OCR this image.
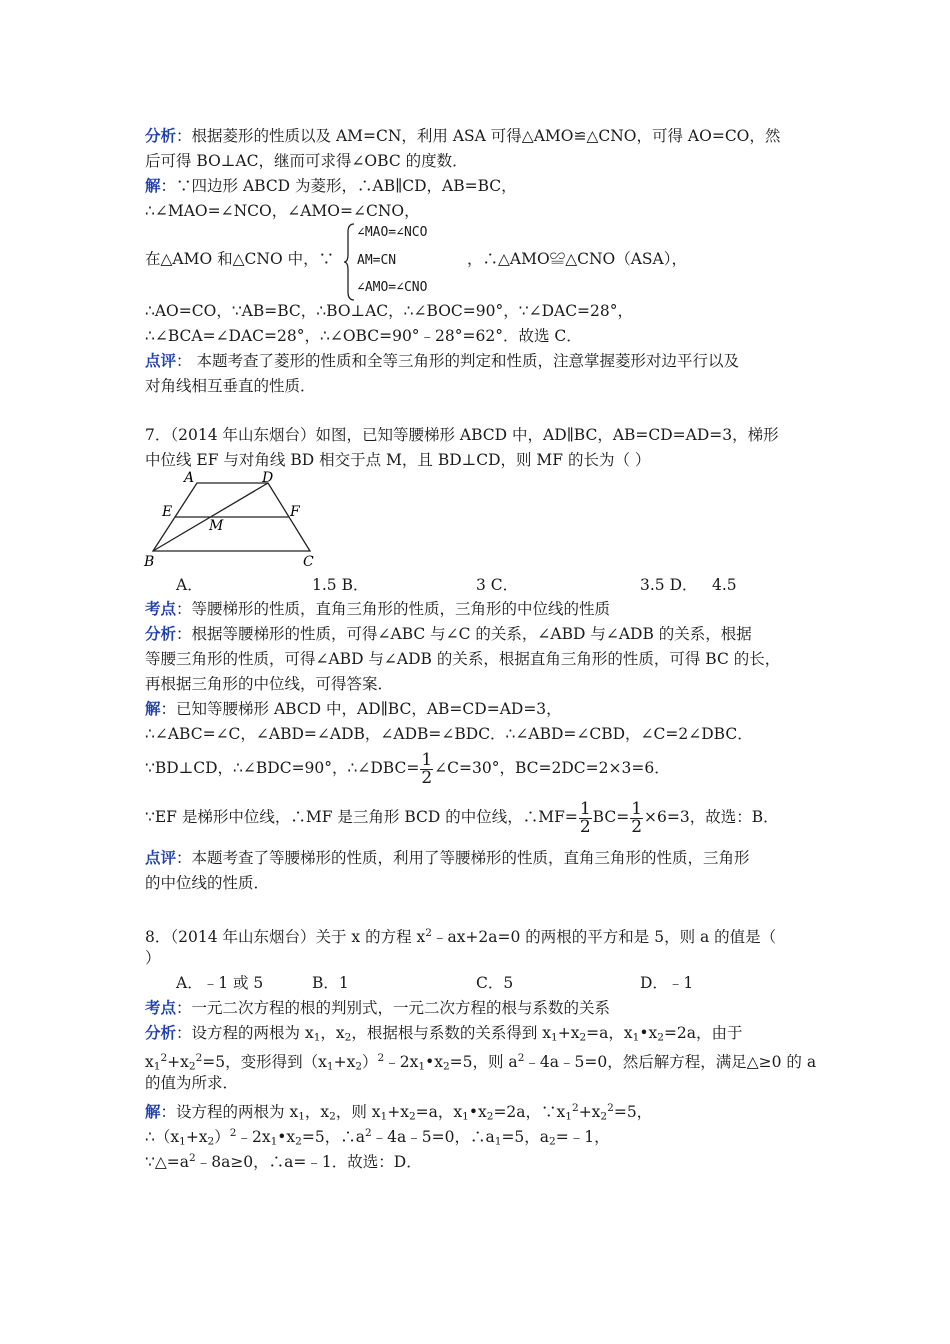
分析：根据菱形的性质以及 AM=CN，利用 ASA 可得△AMO≌△CNO，可得 AO=CO，然
后可得 BO⊥AC，继而可求得∠OBC 的度数．
解：∵四边形 ABCD 为菱形，∴AB∥CD，AB=BC，
∴∠MAO=∠NCO，∠AMO=∠CNO，
在△AMO 和△CNO 中，∵
∠MAO=∠NCO
AM=CN
∠AMO=∠CNO
，∴△AMO≌△CNO（ASA），
∴AO=CO，∵AB=BC，∴BO⊥AC，∴∠BOC=90°，∵∠DAC=28°，
∴∠BCA=∠DAC=28°，∴∠OBC=90°﹣28°=62°．故选 C．
点评： 本题考查了菱形的性质和全等三角形的判定和性质，注意掌握菱形对边平行以及
对角线相互垂直的性质．
7．（2014 年山东烟台）如图，已知等腰梯形 ABCD 中，AD∥BC，AB=CD=AD=3，梯形
中位线 EF 与对角线 BD 相交于点 M，且 BD⊥CD，则 MF 的长为（ ）
A	D
E	F
M
B	C
A．	1.5 B．	3 C．	3.5 D． 4.5
考点：等腰梯形的性质，直角三角形的性质，三角形的中位线的性质
分析：根据等腰梯形的性质，可得∠ABC 与∠C 的关系，∠ABD 与∠ADB 的关系，根据
等腰三角形的性质，可得∠ABD 与∠ADB 的关系，根据直角三角形的性质，可得 BC 的长，
再根据三角形的中位线，可得答案．
解：已知等腰梯形 ABCD 中，AD∥BC，AB=CD=AD=3，
∴∠ABC=∠C，∠ABD=∠ADB，∠ADB=∠BDC．∴∠ABD=∠CBD，∠C=2∠DBC．
∵BD⊥CD，∴∠BDC=90°，∴∠DBC= $\frac{1}{2}$ ∠C=30°，BC=2DC=2×3=6．
∵EF 是梯形中位线，∴MF 是三角形 BCD 的中位线，∴MF= $\frac{1}{2} BC= \frac{1}{2} \times 6=3$，故选：B．
点评：本题考查了等腰梯形的性质，利用了等腰梯形的性质，直角三角形的性质，三角形
的中位线的性质．
8．（2014 年山东烟台）关于 x 的方程 $x^2﹣ax+2a=0$ 的两根的平方和是 5，则 a 的值是（
）
A．﹣1 或 5	B．1	C．5	D．﹣1
考点：一元二次方程的根的判别式，一元二次方程的根与系数的关系
分析：设方程的两根为 $x_1$，$x_2$，根据根与系数的关系得到 $x_1+x_2=a$，$x_1•x_2=2a$，由于
$x_1^2+x_2^2=5$，变形得到$(x_1+x_2)^2﹣2x_1•x_2=5$，则 $a^2﹣4a﹣5=0$，然后解方程，满足△≥0 的 a
的值为所求．
解：设方程的两根为 $x_1$，$x_2$，则 $x_1+x_2=a$，$x_1•x_2=2a$，$\because x_1^2+x_2^2=5$，
$\therefore(x_1+x_2)^2﹣2x_1•x_2=5$，$\therefore a^2﹣4a﹣5=0$，$\therefore a_1=5$，$a_2=﹣1$，
$\because\triangle=a^2﹣8a\ge 0$，∴a=﹣1．故选：D．
